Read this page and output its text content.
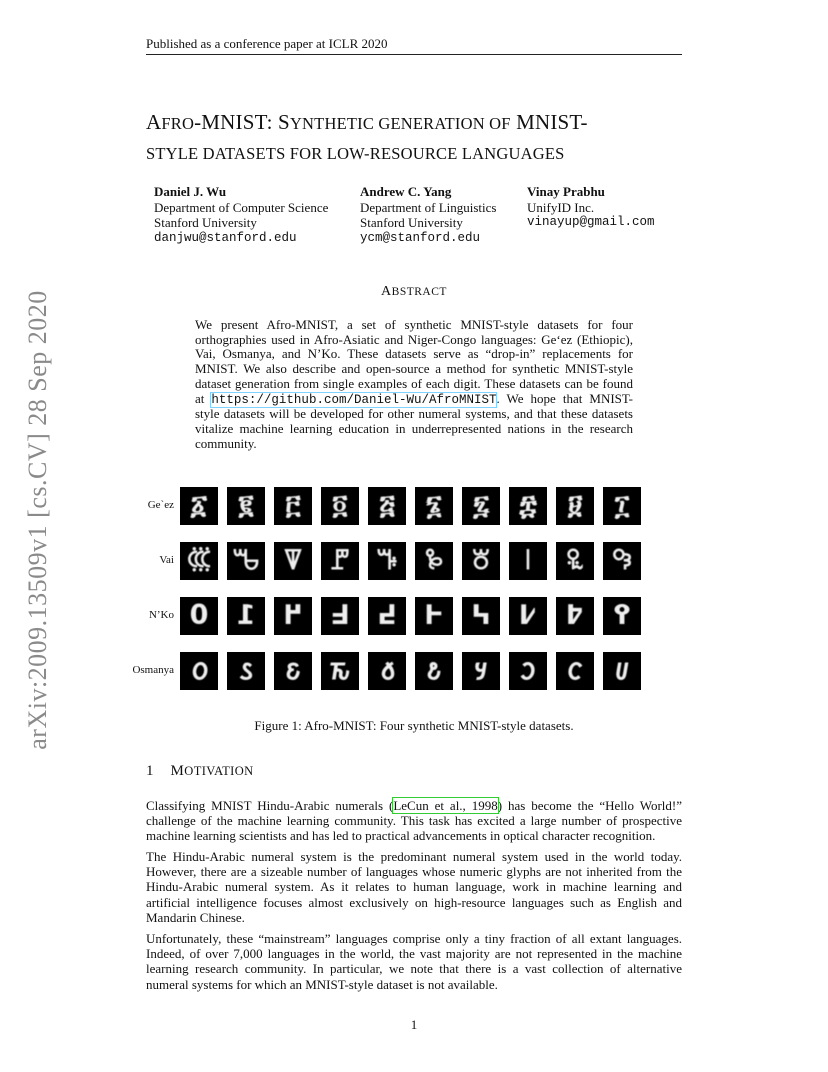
Published as a conference paper at ICLR 2020
arXiv:2009.13509v1 [cs.CV] 28 Sep 2020
AFRO-MNIST: SYNTHETIC GENERATION OF MNIST-
STYLE DATASETS FOR LOW-RESOURCE LANGUAGES
Daniel J. Wu
Department of Computer Science
Stanford University
danjwu@stanford.edu
Andrew C. Yang
Department of Linguistics
Stanford University
ycm@stanford.edu
Vinay Prabhu
UnifyID Inc.
vinayup@gmail.com
ABSTRACT
We present Afro-MNIST, a set of synthetic MNIST-style datasets for four orthographies used in Afro-Asiatic and Niger-Congo languages: Ge‘ez (Ethiopic), Vai, Osmanya, and N’Ko. These datasets serve as “drop-in” replacements for MNIST. We also describe and open-source a method for synthetic MNIST-style dataset generation from single examples of each digit. These datasets can be found at https://github.com/Daniel-Wu/AfroMNIST. We hope that MNIST-style datasets will be developed for other numeral systems, and that these datasets vitalize machine learning education in underrepresented nations in the research community.
Ge`ez ፩	፪	፫	፬	፭	፮	፯	፰	፱	፲
Vai ꘚ ꘛ ꘜ	ꘝ ꘞ ꘟ	꘠	꘡	꘢	꘣
N’Ko ߀	߁	߂	߃	߄	߅	߆	߇	߈	߉
Osmanya 𐒠	𐒡	𐒢	𐒣	𐒤	𐒥	𐒦	𐒧	𐒨	𐒩
Figure 1: Afro-MNIST: Four synthetic MNIST-style datasets.
1 MOTIVATION
Classifying MNIST Hindu-Arabic numerals (LeCun et al., 1998) has become the “Hello World!” challenge of the machine learning community. This task has excited a large number of prospective machine learning scientists and has led to practical advancements in optical character recognition.
The Hindu-Arabic numeral system is the predominant numeral system used in the world today. However, there are a sizeable number of languages whose numeric glyphs are not inherited from the Hindu-Arabic numeral system. As it relates to human language, work in machine learning and artificial intelligence focuses almost exclusively on high-resource languages such as English and Mandarin Chinese.
Unfortunately, these “mainstream” languages comprise only a tiny fraction of all extant languages. Indeed, of over 7,000 languages in the world, the vast majority are not represented in the machine learning research community. In particular, we note that there is a vast collection of alternative numeral systems for which an MNIST-style dataset is not available.
1
